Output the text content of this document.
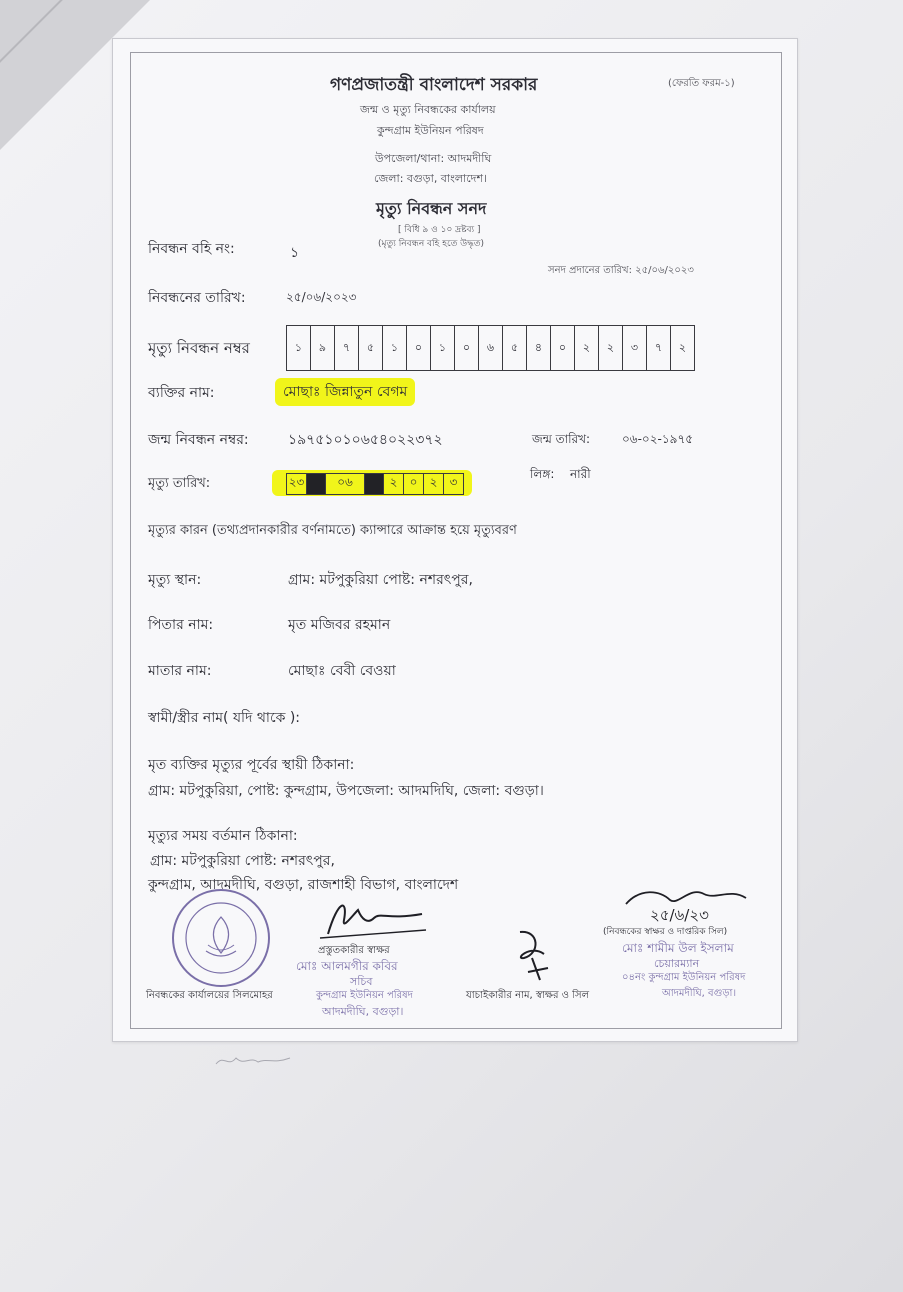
গণপ্রজাতন্ত্রী বাংলাদেশ সরকার	(ফেরতি ফরম-১)
জন্ম ও মৃত্যু নিবন্ধকের কার্যালয়
কুন্দগ্রাম ইউনিয়ন পরিষদ
উপজেলা/থানা: আদমদীঘি
জেলা: বগুড়া, বাংলাদেশ।
মৃত্যু নিবন্ধন সনদ
[ বিধি ৯ ও ১০ দ্রষ্টব্য ]
(মৃত্যু নিবন্ধন বহি হতে উদ্ধৃত)
সনদ প্রদানের তারিখ: ২৫/০৬/২০২৩
নিবন্ধন বহি নং:	১
নিবন্ধনের তারিখ:	২৫/০৬/২০২৩
মৃত্যু নিবন্ধন নম্বর	১	৯	৭	৫	১	০	১	০	৬	৫	৪	০	২	২	৩	৭	২
ব্যক্তির নাম:	মোছাঃ জিন্নাতুন বেগম
জন্ম নিবন্ধন নম্বর:	১৯৭৫১০১০৬৫৪০২২৩৭২	জন্ম তারিখ:	০৬-০২-১৯৭৫
মৃত্যু তারিখ:	২৩	০৬	২	০	২	৩
লিঙ্গ: নারী
মৃত্যুর কারন (তথ্যপ্রদানকারীর বর্ণনামতে) ক্যান্সারে আক্রান্ত হয়ে মৃত্যুবরণ
মৃত্যু স্থান:	গ্রাম: মটপুকুরিয়া পোষ্ট: নশরৎপুর,
পিতার নাম:	মৃত মজিবর রহমান
মাতার নাম:	মোছাঃ বেবী বেওয়া
স্বামী/স্ত্রীর নাম( যদি থাকে ):
মৃত ব্যক্তির মৃত্যুর পূর্বের স্থায়ী ঠিকানা:
গ্রাম: মটপুকুরিয়া, পোষ্ট: কুন্দগ্রাম, উপজেলা: আদমদিঘি, জেলা: বগুড়া।
মৃত্যুর সময় বর্তমান ঠিকানা:
গ্রাম: মটপুকুরিয়া পোষ্ট: নশরৎপুর,
কুন্দগ্রাম, আদমদীঘি, বগুড়া, রাজশাহী বিভাগ, বাংলাদেশ
প্রস্তুতকারীর স্বাক্ষর
মোঃ আলমগীর কবির
সচিব
কুন্দগ্রাম ইউনিয়ন পরিষদ
আদমদীঘি, বগুড়া।
নিবন্ধকের কার্যালয়ের সিলমোহর	যাচাইকারীর নাম, স্বাক্ষর ও সিল
২৫/৬/২৩
(নিবন্ধকের স্বাক্ষর ও দাপ্তরিক সিল)
মোঃ শামীম উল ইসলাম
চেয়ারম্যান
০৪নং কুন্দগ্রাম ইউনিয়ন পরিষদ
আদমদীঘি, বগুড়া।
